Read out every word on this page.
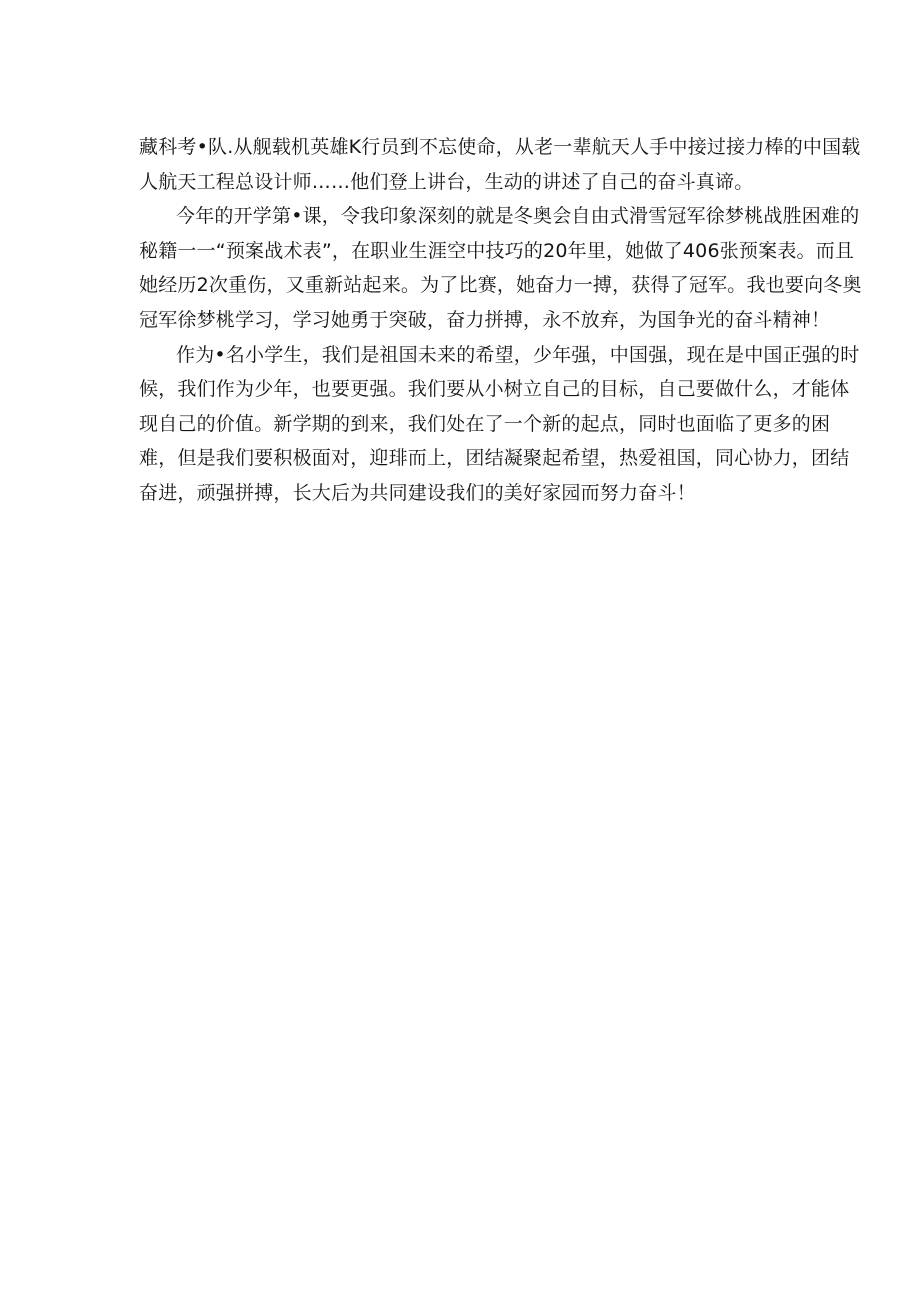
藏科考•队.从舰载机英雄K行员到不忘使命，从老一辈航天人手中接过接力棒的中国载
人航天工程总设计师……他们登上讲台，生动的讲述了自己的奋斗真谛。
今年的开学第•课，令我印象深刻的就是冬奥会自由式滑雪冠军徐梦桃战胜困难的
秘籍一一“预案战术表”，在职业生涯空中技巧的20年里，她做了406张预案表。而且
她经历2次重伤，又重新站起来。为了比赛，她奋力一搏，获得了冠军。我也要向冬奥
冠军徐梦桃学习，学习她勇于突破，奋力拼搏，永不放弃，为国争光的奋斗精神！
作为•名小学生，我们是祖国未来的希望，少年强，中国强，现在是中国正强的时
候，我们作为少年，也要更强。我们要从小树立自己的目标，自己要做什么，才能体
现自己的价值。新学期的到来，我们处在了一个新的起点，同时也面临了更多的困
难，但是我们要积极面对，迎琲而上，团结凝聚起希望，热爱祖国，同心协力，团结
奋进，顽强拼搏，长大后为共同建设我们的美好家园而努力奋斗！
